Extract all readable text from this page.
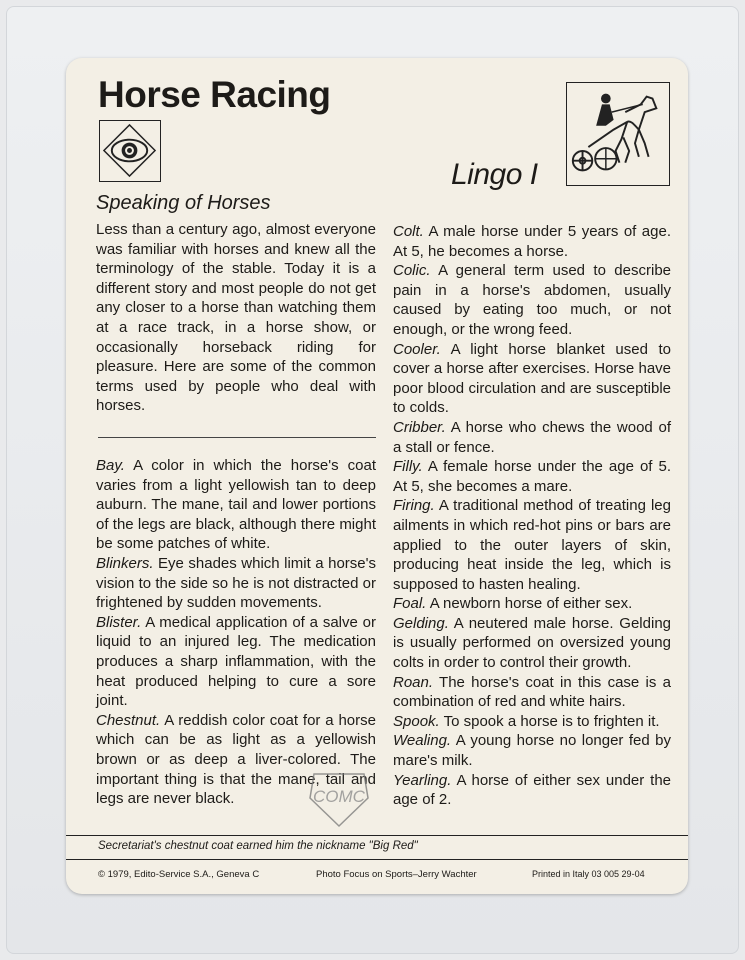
Horse Racing
Lingo I
Speaking of Horses
Less than a century ago, almost everyone was familiar with horses and knew all the terminology of the stable. Today it is a different story and most people do not get any closer to a horse than watching them at a race track, in a horse show, or occasionally horseback riding for pleasure. Here are some of the common terms used by people who deal with horses.
Bay. A color in which the horse's coat varies from a light yellowish tan to deep auburn. The mane, tail and lower portions of the legs are black, although there might be some patches of white.
Blinkers. Eye shades which limit a horse's vision to the side so he is not distracted or frightened by sudden movements.
Blister. A medical application of a salve or liquid to an injured leg. The medication produces a sharp inflammation, with the heat produced helping to cure a sore joint.
Chestnut. A reddish color coat for a horse which can be as light as a yellowish brown or as deep a liver-colored. The important thing is that the mane, tail and legs are never black.
Colt. A male horse under 5 years of age. At 5, he becomes a horse.
Colic. A general term used to describe pain in a horse's abdomen, usually caused by eating too much, or not enough, or the wrong feed.
Cooler. A light horse blanket used to cover a horse after exercises. Horse have poor blood circulation and are susceptible to colds.
Cribber. A horse who chews the wood of a stall or fence.
Filly. A female horse under the age of 5. At 5, she becomes a mare.
Firing. A traditional method of treating leg ailments in which red-hot pins or bars are applied to the outer layers of skin, producing heat inside the leg, which is supposed to hasten healing.
Foal. A newborn horse of either sex.
Gelding. A neutered male horse. Gelding is usually performed on oversized young colts in order to control their growth.
Roan. The horse's coat in this case is a combination of red and white hairs.
Spook. To spook a horse is to frighten it.
Wealing. A young horse no longer fed by mare's milk.
Yearling. A horse of either sex under the age of 2.
COMC
Secretariat's chestnut coat earned him the nickname "Big Red"
© 1979, Edito-Service S.A., Geneva C	Photo Focus on Sports–Jerry Wachter	Printed in Italy 03 005 29-04
